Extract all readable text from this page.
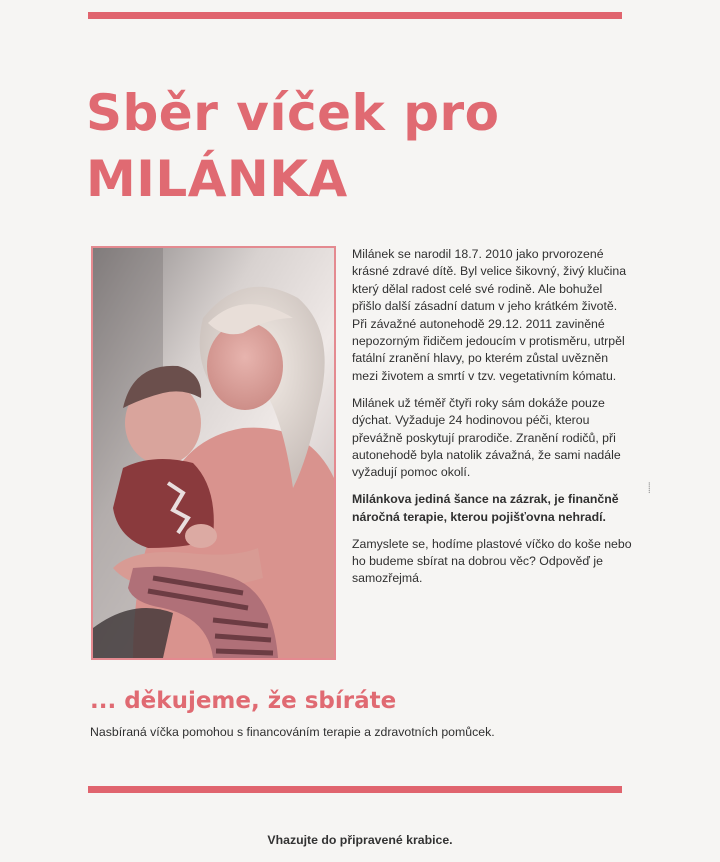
Sběr víček pro
MILÁNKA

Milánek se narodil 18.7. 2010 jako prvorozené krásné zdravé dítě. Byl velice šikovný, živý klučina který dělal radost celé své rodině. Ale bohužel přišlo další zásadní datum v jeho krátkém životě. Při závažné autonehodě 29.12. 2011 zaviněné nepozorným řidičem jedoucím v protisměru, utrpěl fatální zranění hlavy, po kterém zůstal uvězněn mezi životem a smrtí v tzv. vegetativním kómatu.

Milánek už téměř čtyři roky sám dokáže pouze dýchat. Vyžaduje 24 hodinovou péči, kterou převážně poskytují prarodiče. Zranění rodičů, při autonehodě byla natolik závažná, že sami nadále vyžadují pomoc okolí.

Milánkova jediná šance na zázrak, je finančně náročná terapie, kterou pojišťovna nehradí.

Zamyslete se, hodíme plastové víčko do koše nebo ho budeme sbírat na dobrou věc? Odpověď je samozřejmá.

⸽
... děkujeme, že sbíráte
Nasbíraná víčka pomohou s financováním terapie a zdravotních pomůcek.
Vhazujte do připravené krabice.
